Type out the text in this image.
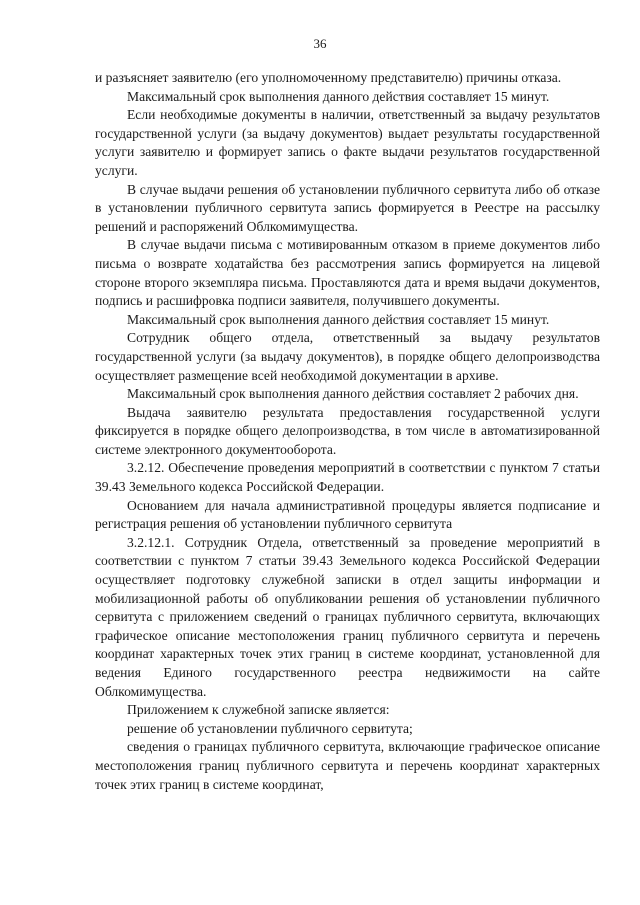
36

и разъясняет заявителю (его уполномоченному представителю) причины отказа.

Максимальный срок выполнения данного действия составляет 15 минут.

Если необходимые документы в наличии, ответственный за выдачу результатов государственной услуги (за выдачу документов) выдает результаты государственной услуги заявителю и формирует запись о факте выдачи результатов государственной услуги.

В случае выдачи решения об установлении публичного сервитута либо об отказе в установлении публичного сервитута запись формируется в Реестре на рассылку решений и распоряжений Облкомимущества.

В случае выдачи письма с мотивированным отказом в приеме документов либо письма о возврате ходатайства без рассмотрения запись формируется на лицевой стороне второго экземпляра письма. Проставляются дата и время выдачи документов, подпись и расшифровка подписи заявителя, получившего документы.

Максимальный срок выполнения данного действия составляет 15 минут.

Сотрудник общего отдела, ответственный за выдачу результатов государственной услуги (за выдачу документов), в порядке общего делопроизводства осуществляет размещение всей необходимой документации в архиве.

Максимальный срок выполнения данного действия составляет 2 рабочих дня.

Выдача заявителю результата предоставления государственной услуги фиксируется в порядке общего делопроизводства, в том числе в автоматизированной системе электронного документооборота.

3.2.12. Обеспечение проведения мероприятий в соответствии с пунктом 7 статьи 39.43 Земельного кодекса Российской Федерации.

Основанием для начала административной процедуры является подписание и регистрация решения об установлении публичного сервитута

3.2.12.1. Сотрудник Отдела, ответственный за проведение мероприятий в соответствии с пунктом 7 статьи 39.43 Земельного кодекса Российской Федерации осуществляет подготовку служебной записки в отдел защиты информации и мобилизационной работы об опубликовании решения об установлении публичного сервитута с приложением сведений о границах публичного сервитута, включающих графическое описание местоположения границ публичного сервитута и перечень координат характерных точек этих границ в системе координат, установленной для ведения Единого государственного реестра недвижимости на сайте Облкомимущества.

Приложением к служебной записке является:

решение об установлении публичного сервитута;

сведения о границах публичного сервитута, включающие графическое описание местоположения границ публичного сервитута и перечень координат характерных точек этих границ в системе координат,
